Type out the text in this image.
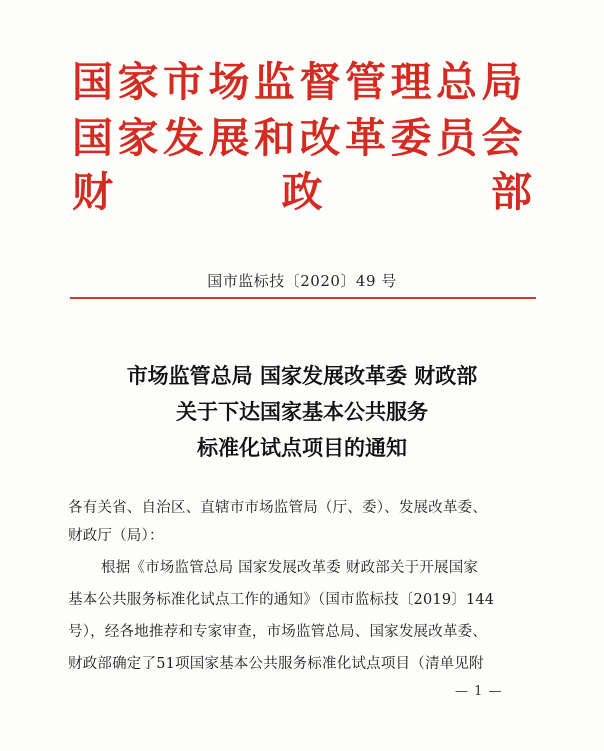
国家市场监督管理总局
国家发展和改革委员会
财	政	部
国市监标技〔2020〕49 号
市场监管总局 国家发展改革委 财政部
关于下达国家基本公共服务
标准化试点项目的通知
各有关省、自治区、直辖市市场监管局（厅、委）、发展改革委、
财政厅（局）：
根据《市场监管总局 国家发展改革委 财政部关于开展国家
基本公共服务标准化试点工作的通知》（国市监标技〔2019〕144
号），经各地推荐和专家审查，市场监管总局、国家发展改革委、
财政部确定了51项国家基本公共服务标准化试点项目（清单见附
— 1 —
